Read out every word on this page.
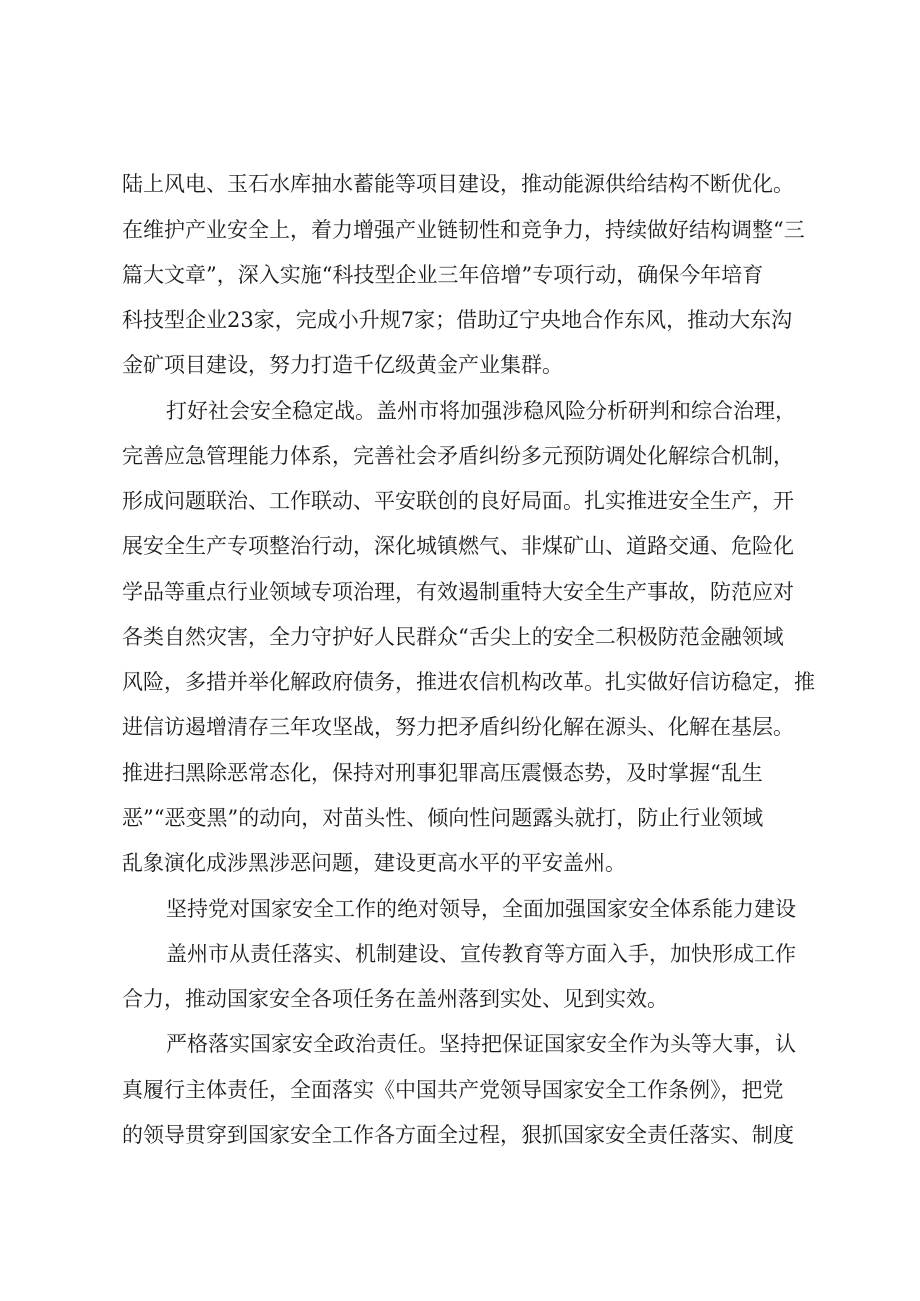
陆上风电、玉石水库抽水蓄能等项目建设，推动能源供给结构不断优化。
在维护产业安全上，着力增强产业链韧性和竞争力，持续做好结构调整“三
篇大文章”，深入实施“科技型企业三年倍增”专项行动，确保今年培育
科技型企业23家，完成小升规7家；借助辽宁央地合作东风，推动大东沟
金矿项目建设，努力打造千亿级黄金产业集群。
打好社会安全稳定战。盖州市将加强涉稳风险分析研判和综合治理，
完善应急管理能力体系，完善社会矛盾纠纷多元预防调处化解综合机制，
形成问题联治、工作联动、平安联创的良好局面。扎实推进安全生产，开
展安全生产专项整治行动，深化城镇燃气、非煤矿山、道路交通、危险化
学品等重点行业领域专项治理，有效遏制重特大安全生产事故，防范应对
各类自然灾害，全力守护好人民群众“舌尖上的安全二积极防范金融领域
风险，多措并举化解政府债务，推进农信机构改革。扎实做好信访稳定，推
进信访遏增清存三年攻坚战，努力把矛盾纠纷化解在源头、化解在基层。
推进扫黑除恶常态化，保持对刑事犯罪高压震慑态势，及时掌握“乱生
恶”“恶变黑”的动向，对苗头性、倾向性问题露头就打，防止行业领域
乱象演化成涉黑涉恶问题，建设更高水平的平安盖州。
坚持党对国家安全工作的绝对领导，全面加强国家安全体系能力建设
盖州市从责任落实、机制建设、宣传教育等方面入手，加快形成工作
合力，推动国家安全各项任务在盖州落到实处、见到实效。
严格落实国家安全政治责任。坚持把保证国家安全作为头等大事，认
真履行主体责任，全面落实《中国共产党领导国家安全工作条例》，把党
的领导贯穿到国家安全工作各方面全过程，狠抓国家安全责任落实、制度
